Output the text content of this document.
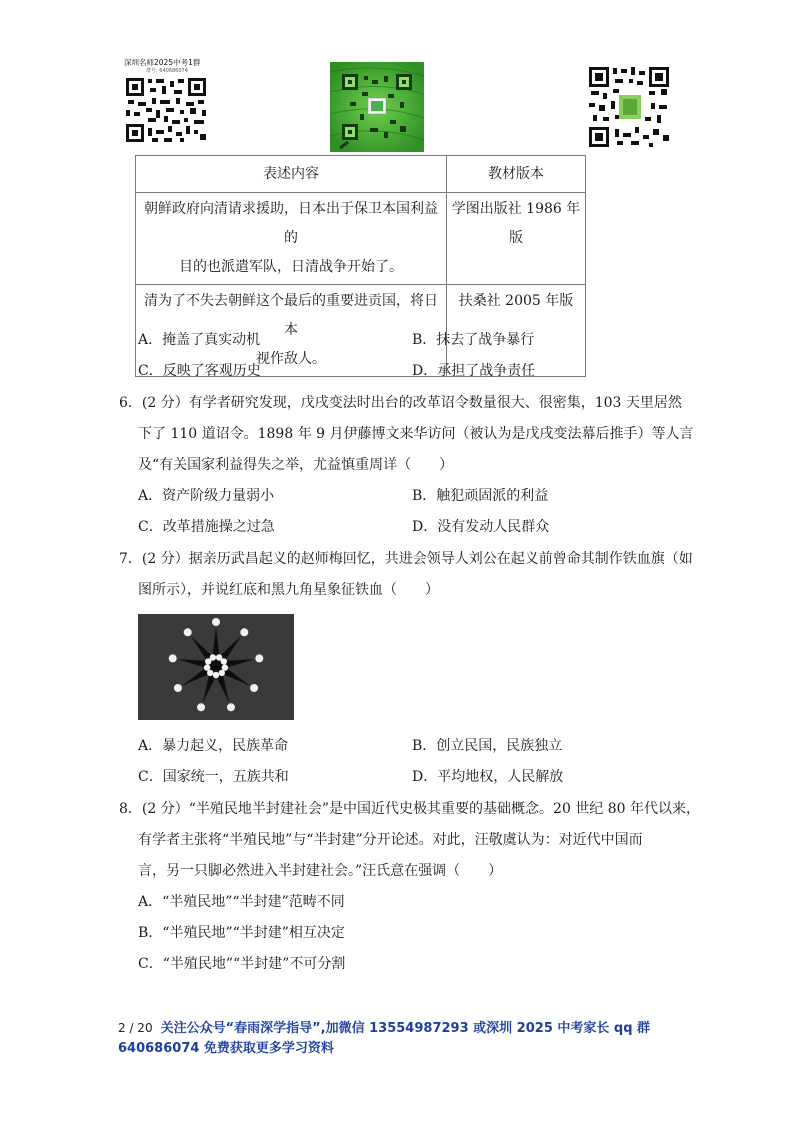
深圳名师2025中考1群
群号: 640686074
表述内容	教材版本
朝鲜政府向清请求援助，日本出于保卫本国利益的
目的也派遣军队，日清战争开始了。	学图出版社 1986 年版
清为了不失去朝鲜这个最后的重要进贡国，将日本
视作敌人。	扶桑社 2005 年版
A．掩盖了真实动机	B．抹去了战争暴行
C．反映了客观历史	D．承担了战争责任
6．(2 分）有学者研究发现，戊戌变法时出台的改革诏令数量很大、很密集，103 天里居然
下了 110 道诏令。1898 年 9 月伊藤博文来华访问（被认为是戊戌变法幕后推手）等人言
及“有关国家利益得失之举，尤益慎重周详（　　）
A．资产阶级力量弱小	B．触犯顽固派的利益
C．改革措施操之过急	D．没有发动人民群众
7．(2 分）据亲历武昌起义的赵师梅回忆，共进会领导人刘公在起义前曾命其制作铁血旗（如
图所示），并说红底和黑九角星象征铁血（　　）
A．暴力起义，民族革命	B．创立民国，民族独立
C．国家统一，五族共和	D．平均地权，人民解放
8．(2 分）“半殖民地半封建社会”是中国近代史极其重要的基础概念。20 世纪 80 年代以来，
有学者主张将“半殖民地”与“半封建”分开论述。对此，汪敬虞认为：对近代中国而
言，另一只脚必然进入半封建社会。”汪氏意在强调（　　）
A．“半殖民地”“半封建”范畴不同
B．“半殖民地”“半封建”相互决定
C．“半殖民地”“半封建”不可分割
2 / 20 关注公众号“春雨深学指导”,加微信 13554987293 或深圳 2025 中考家长 qq 群
640686074 免费获取更多学习资料
